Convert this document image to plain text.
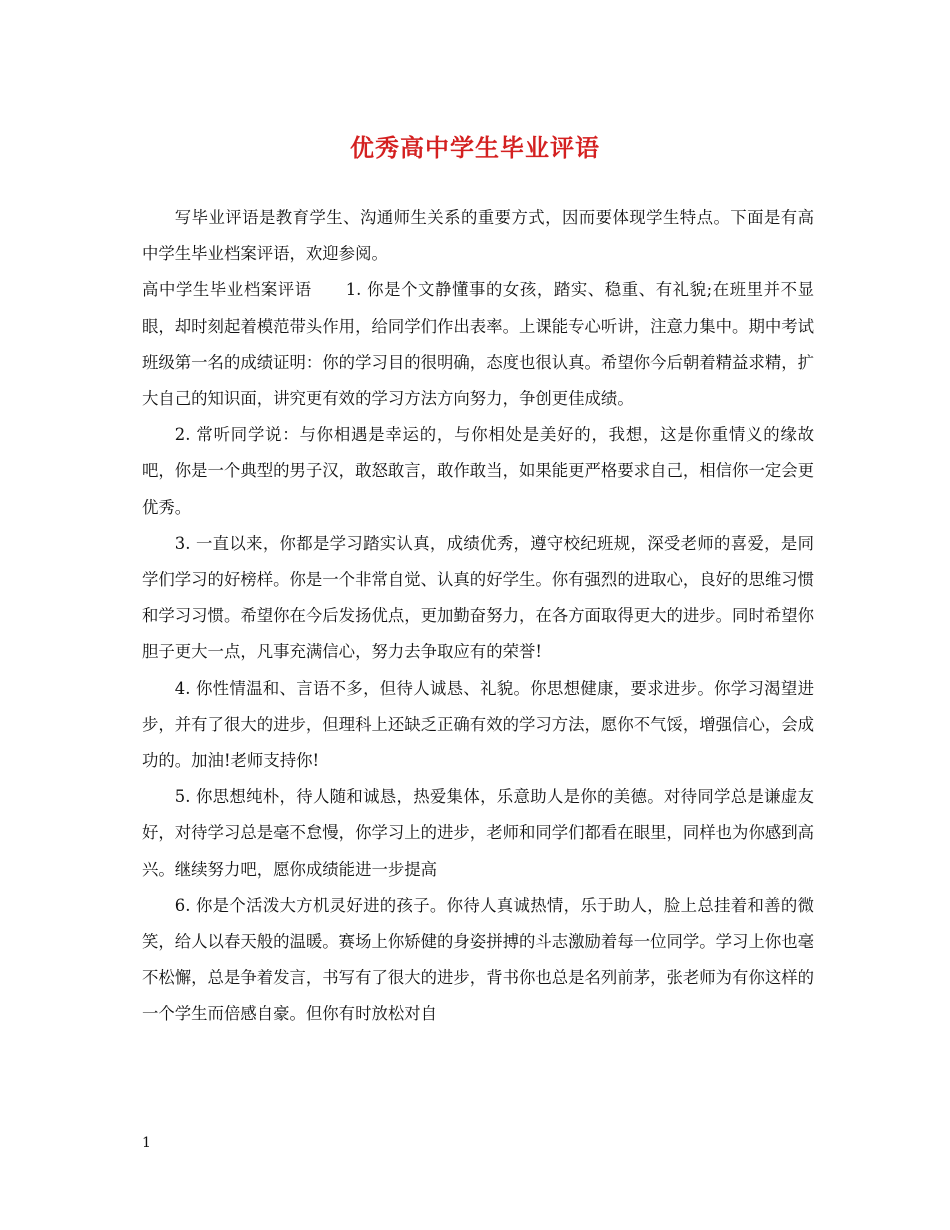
优秀高中学生毕业评语

写毕业评语是教育学生、沟通师生关系的重要方式，因而要体现学生特点。下面是有高中学生毕业档案评语，欢迎参阅。

高中学生毕业档案评语　　1. 你是个文静懂事的女孩，踏实、稳重、有礼貌;在班里并不显眼，却时刻起着模范带头作用，给同学们作出表率。上课能专心听讲，注意力集中。期中考试班级第一名的成绩证明：你的学习目的很明确，态度也很认真。希望你今后朝着精益求精，扩大自己的知识面，讲究更有效的学习方法方向努力，争创更佳成绩。

2. 常听同学说：与你相遇是幸运的，与你相处是美好的，我想，这是你重情义的缘故吧，你是一个典型的男子汉，敢怒敢言，敢作敢当，如果能更严格要求自己，相信你一定会更优秀。

3. 一直以来，你都是学习踏实认真，成绩优秀，遵守校纪班规，深受老师的喜爱，是同学们学习的好榜样。你是一个非常自觉、认真的好学生。你有强烈的进取心，良好的思维习惯和学习习惯。希望你在今后发扬优点，更加勤奋努力，在各方面取得更大的进步。同时希望你胆子更大一点，凡事充满信心，努力去争取应有的荣誉!

4. 你性情温和、言语不多，但待人诚恳、礼貌。你思想健康，要求进步。你学习渴望进步，并有了很大的进步，但理科上还缺乏正确有效的学习方法，愿你不气馁，增强信心，会成功的。加油!老师支持你!

5. 你思想纯朴，待人随和诚恳，热爱集体，乐意助人是你的美德。对待同学总是谦虚友好，对待学习总是毫不怠慢，你学习上的进步，老师和同学们都看在眼里，同样也为你感到高兴。继续努力吧，愿你成绩能进一步提高

6. 你是个活泼大方机灵好进的孩子。你待人真诚热情，乐于助人，脸上总挂着和善的微笑，给人以春天般的温暖。赛场上你矫健的身姿拼搏的斗志激励着每一位同学。学习上你也毫不松懈，总是争着发言，书写有了很大的进步，背书你也总是名列前茅，张老师为有你这样的一个学生而倍感自豪。但你有时放松对自

1
